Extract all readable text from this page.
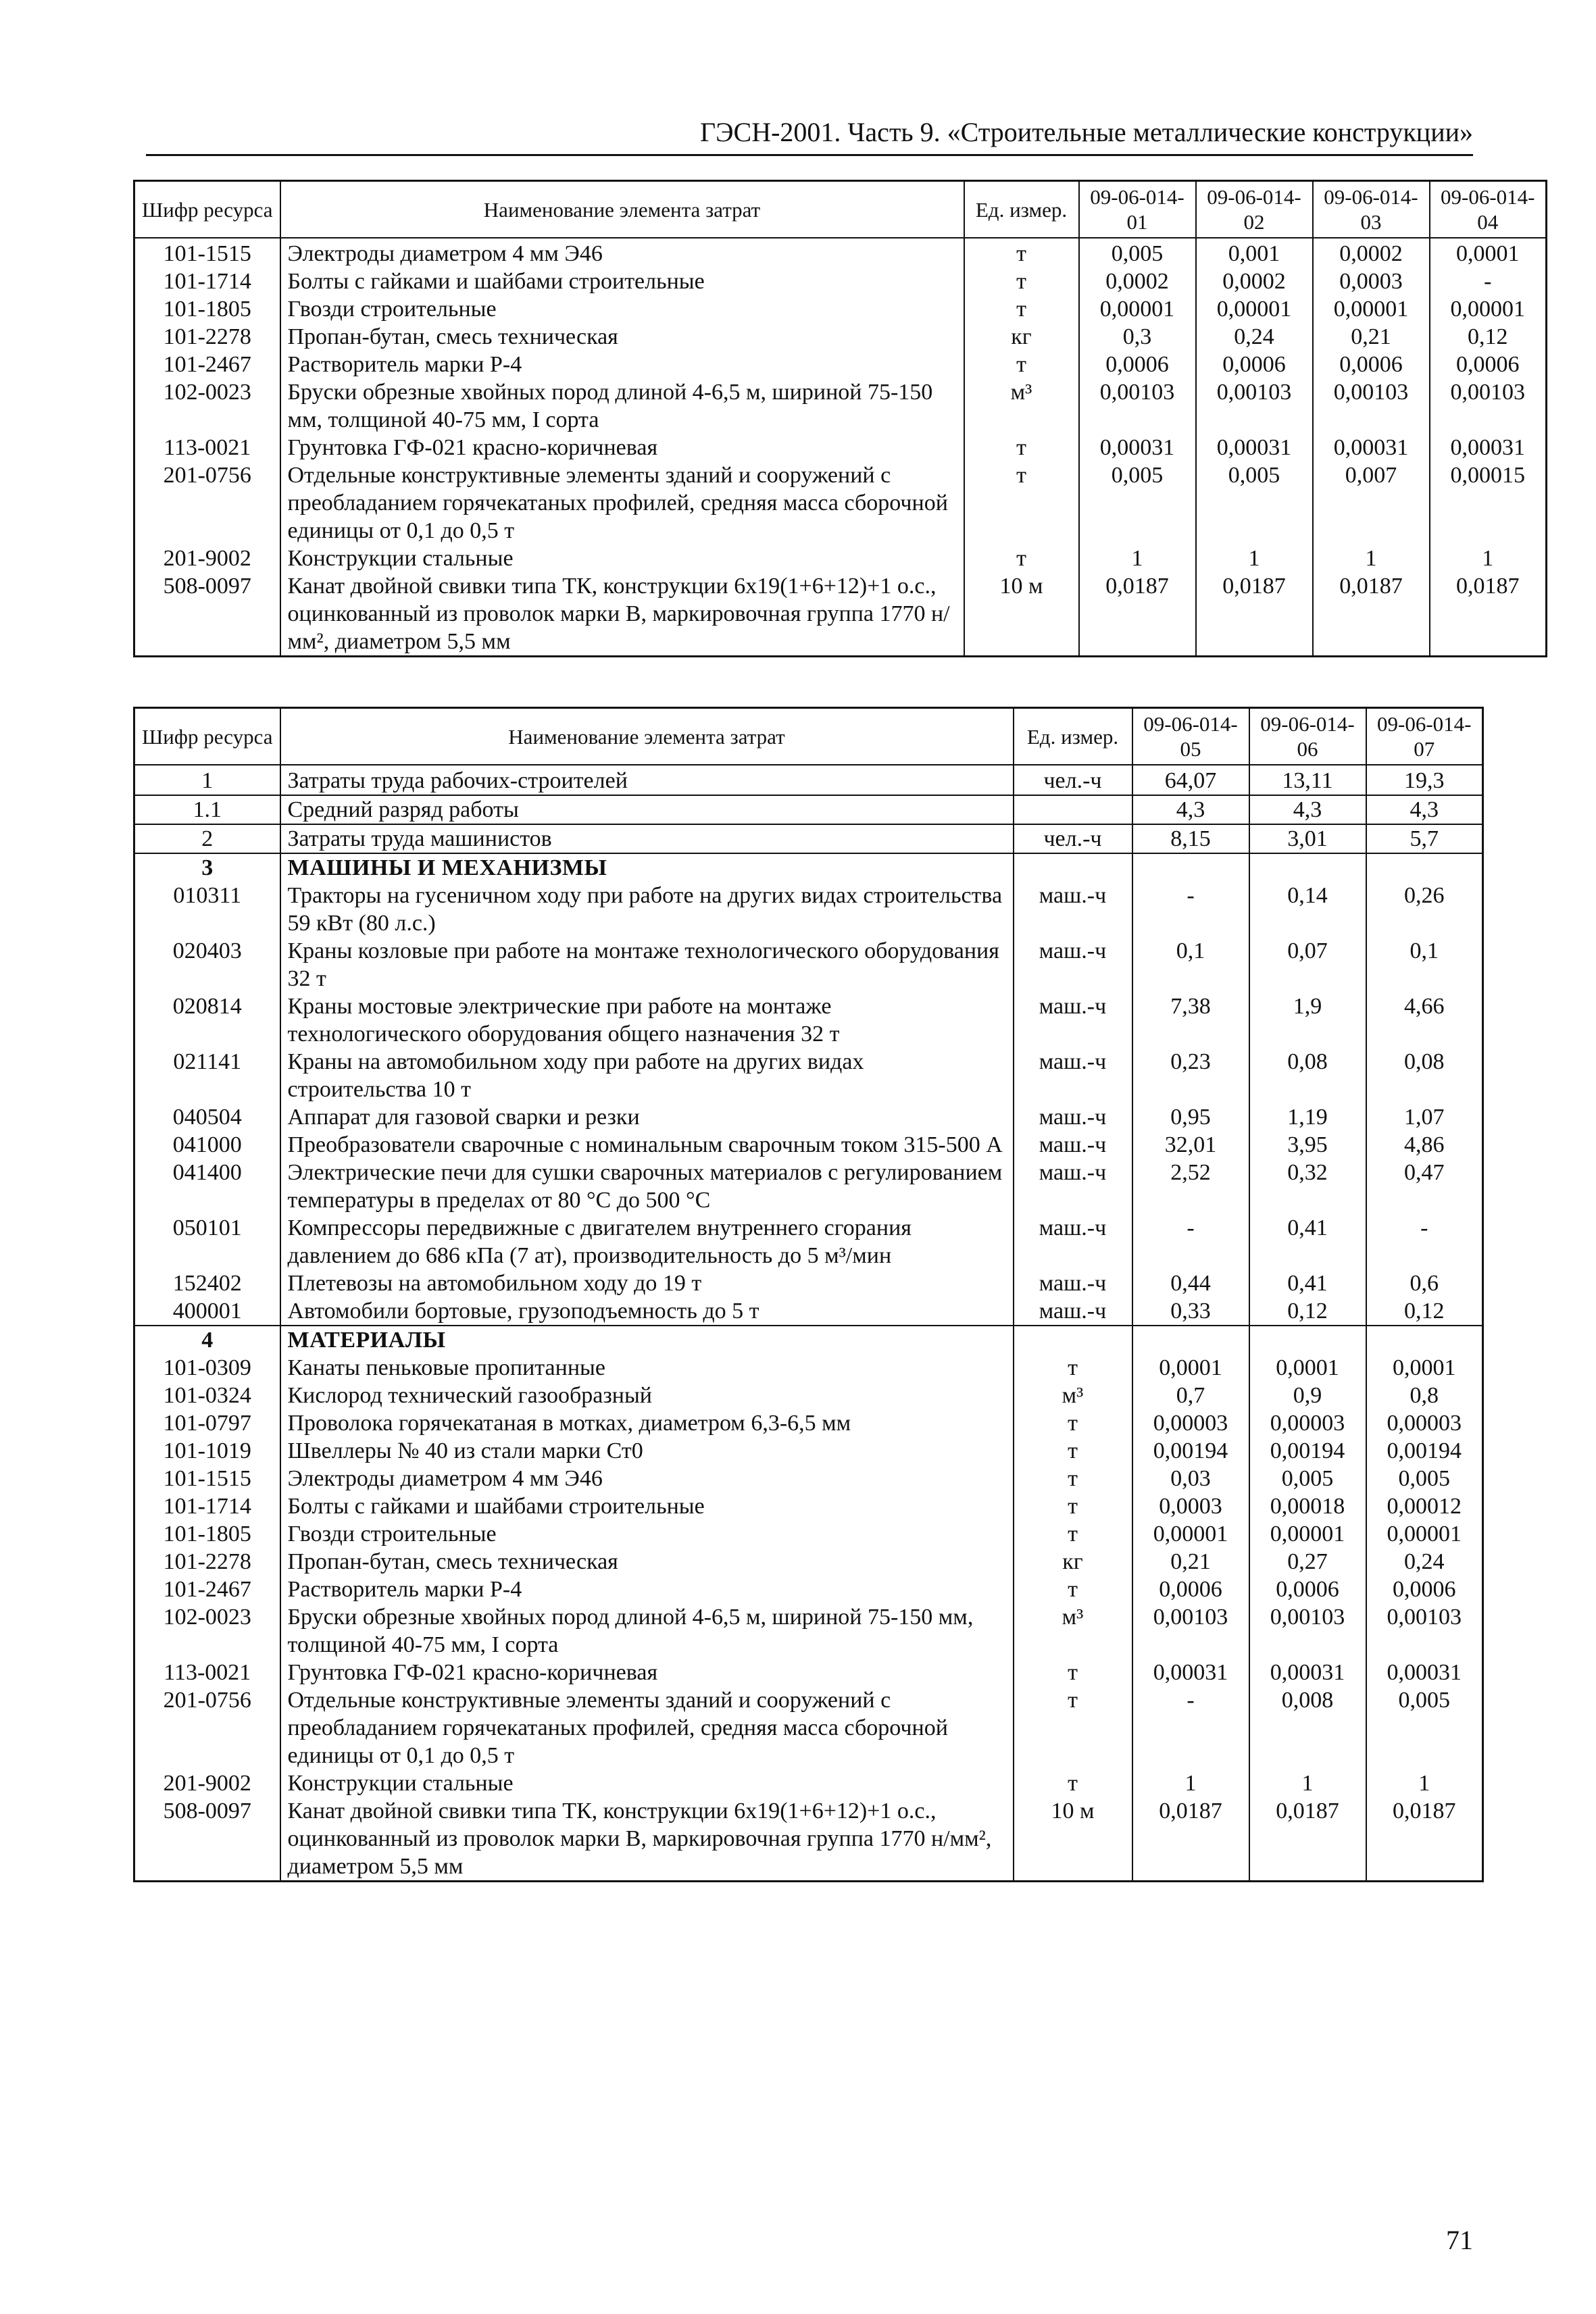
ГЭСН-2001. Часть 9. «Строительные металлические конструкции»
Шифр ресурса	Наименование элемента затрат	Ед. измер.	09-06-014-01	09-06-014-02	09-06-014-03	09-06-014-04
101-1515	Электроды диаметром 4 мм Э46	т	0,005	0,001	0,0002	0,0001
101-1714	Болты с гайками и шайбами строительные	т	0,0002	0,0002	0,0003	-
101-1805	Гвозди строительные	т	0,00001	0,00001	0,00001	0,00001
101-2278	Пропан-бутан, смесь техническая	кг	0,3	0,24	0,21	0,12
101-2467	Растворитель марки Р-4	т	0,0006	0,0006	0,0006	0,0006
102-0023	Бруски обрезные хвойных пород длиной 4-6,5 м, шириной 75-150 мм, толщиной 40-75 мм, I сорта	м³	0,00103	0,00103	0,00103	0,00103
113-0021	Грунтовка ГФ-021 красно-коричневая	т	0,00031	0,00031	0,00031	0,00031
201-0756	Отдельные конструктивные элементы зданий и сооружений с преобладанием горячекатаных профилей, средняя масса сборочной единицы от 0,1 до 0,5 т	т	0,005	0,005	0,007	0,00015
201-9002	Конструкции стальные	т	1	1	1	1
508-0097	Канат двойной свивки типа ТК, конструкции 6х19(1+6+12)+1 о.с., оцинкованный из проволок марки В, маркировочная группа 1770 н/мм², диаметром 5,5 мм	10 м	0,0187	0,0187	0,0187	0,0187
Шифр ресурса	Наименование элемента затрат	Ед. измер.	09-06-014-05	09-06-014-06	09-06-014-07
1	Затраты труда рабочих-строителей	чел.-ч	64,07	13,11	19,3
1.1	Средний разряд работы		4,3	4,3	4,3
2	Затраты труда машинистов	чел.-ч	8,15	3,01	5,7
3	МАШИНЫ И МЕХАНИЗМЫ				
010311	Тракторы на гусеничном ходу при работе на других видах строительства 59 кВт (80 л.с.)	маш.-ч	-	0,14	0,26
020403	Краны козловые при работе на монтаже технологического оборудования 32 т	маш.-ч	0,1	0,07	0,1
020814	Краны мостовые электрические при работе на монтаже технологического оборудования общего назначения 32 т	маш.-ч	7,38	1,9	4,66
021141	Краны на автомобильном ходу при работе на других видах строительства 10 т	маш.-ч	0,23	0,08	0,08
040504	Аппарат для газовой сварки и резки	маш.-ч	0,95	1,19	1,07
041000	Преобразователи сварочные с номинальным сварочным током 315-500 А	маш.-ч	32,01	3,95	4,86
041400	Электрические печи для сушки сварочных материалов с регулированием температуры в пределах от 80 °С до 500 °С	маш.-ч	2,52	0,32	0,47
050101	Компрессоры передвижные с двигателем внутреннего сгорания давлением до 686 кПа (7 ат), производительность до 5 м³/мин	маш.-ч	-	0,41	-
152402	Плетевозы на автомобильном ходу до 19 т	маш.-ч	0,44	0,41	0,6
400001	Автомобили бортовые, грузоподъемность до 5 т	маш.-ч	0,33	0,12	0,12
4	МАТЕРИАЛЫ				
101-0309	Канаты пеньковые пропитанные	т	0,0001	0,0001	0,0001
101-0324	Кислород технический газообразный	м³	0,7	0,9	0,8
101-0797	Проволока горячекатаная в мотках, диаметром 6,3-6,5 мм	т	0,00003	0,00003	0,00003
101-1019	Швеллеры № 40 из стали марки Ст0	т	0,00194	0,00194	0,00194
101-1515	Электроды диаметром 4 мм Э46	т	0,03	0,005	0,005
101-1714	Болты с гайками и шайбами строительные	т	0,0003	0,00018	0,00012
101-1805	Гвозди строительные	т	0,00001	0,00001	0,00001
101-2278	Пропан-бутан, смесь техническая	кг	0,21	0,27	0,24
101-2467	Растворитель марки Р-4	т	0,0006	0,0006	0,0006
102-0023	Бруски обрезные хвойных пород длиной 4-6,5 м, шириной 75-150 мм, толщиной 40-75 мм, I сорта	м³	0,00103	0,00103	0,00103
113-0021	Грунтовка ГФ-021 красно-коричневая	т	0,00031	0,00031	0,00031
201-0756	Отдельные конструктивные элементы зданий и сооружений с преобладанием горячекатаных профилей, средняя масса сборочной единицы от 0,1 до 0,5 т	т	-	0,008	0,005
201-9002	Конструкции стальные	т	1	1	1
508-0097	Канат двойной свивки типа ТК, конструкции 6х19(1+6+12)+1 о.с., оцинкованный из проволок марки В, маркировочная группа 1770 н/мм², диаметром 5,5 мм	10 м	0,0187	0,0187	0,0187
71
